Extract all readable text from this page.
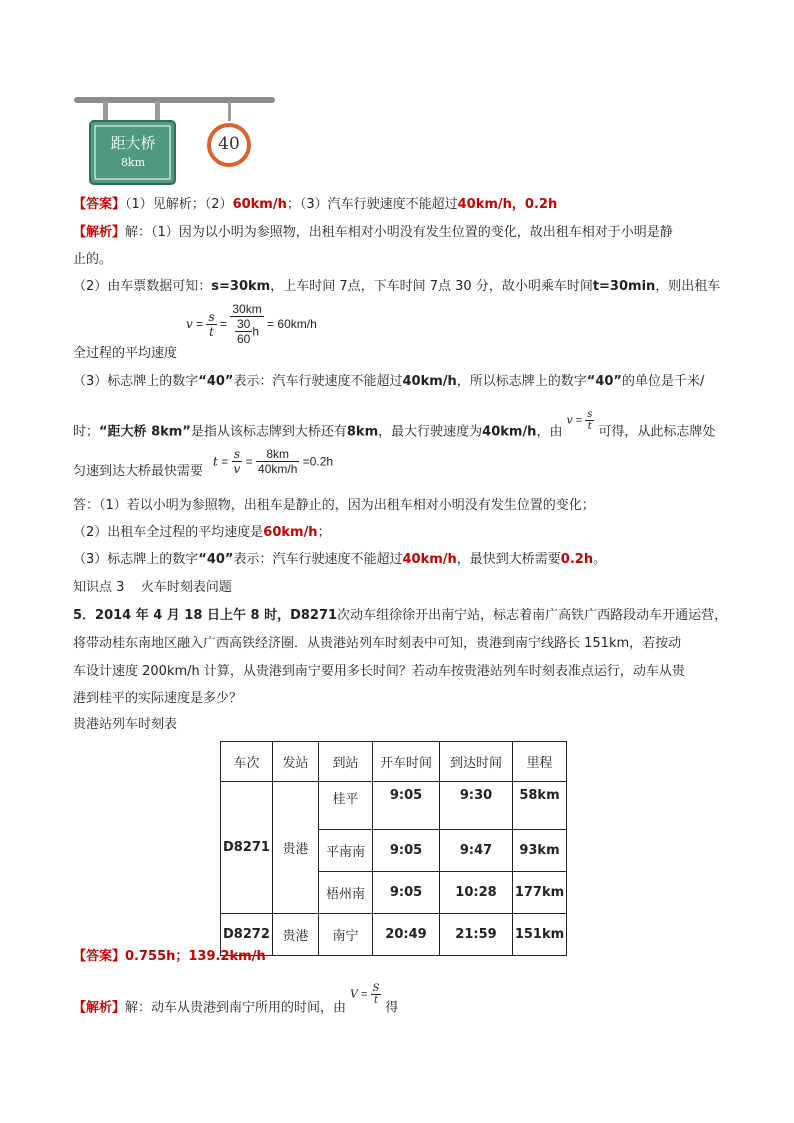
距大桥
8km
40
【答案】（1）见解析；（2）60km/h；（3）汽车行驶速度不能超过40km/h，0.2h
【解析】解：（1）因为以小明为参照物，出租车相对小明没有发生位置的变化，故出租车相对于小明是静
止的。
（2）由车票数据可知：s=30km，上车时间 7点，下车时间 7点 30 分，故小明乘车时间t=30min，则出租车
$v = \frac{s}{t} = \frac{30km}{\frac{30}{60} h} = 60km/h$
全过程的平均速度
（3）标志牌上的数字“40”表示：汽车行驶速度不能超过40km/h，所以标志牌上的数字“40”的单位是千米/
时；“距大桥 8km”是指从该标志牌到大桥还有8km，最大行驶速度为40km/h，由$v = \frac{s}{t}$
可得，从此标志牌处
匀速到达大桥最快需要
$t = \frac{s}{v} = \frac{8km}{40km/h} =0.2h$
答：（1）若以小明为参照物，出租车是静止的，因为出租车相对小明没有发生位置的变化；
（2）出租车全过程的平均速度是60km/h；
（3）标志牌上的数字“40”表示：汽车行驶速度不能超过40km/h，最快到大桥需要0.2h。
知识点 3    火车时刻表问题
5．2014 年 4 月 18 日上午 8 时，D8271次动车组徐徐开出南宁站，标志着南广高铁广西路段动车开通运营，
将带动桂东南地区融入广西高铁经济圈．从贵港站列车时刻表中可知，贵港到南宁线路长 151km，若按动
车设计速度 200km/h 计算，从贵港到南宁要用多长时间？若动车按贵港站列车时刻表准点运行，动车从贵
港到桂平的实际速度是多少？
贵港站列车时刻表
车次	发站	到站	开车时间	到达时间	里程
D8271	贵港	桂平	9:05	9:30	58km
		平南南	9:05	9:47	93km
		梧州南	9:05	10:28	177km
D8272	贵港	南宁	20:49	21:59	151km
【答案】0.755h；139.2km/h
【解析】解：动车从贵港到南宁所用的时间，由$V = \frac{S}{t}$
得
